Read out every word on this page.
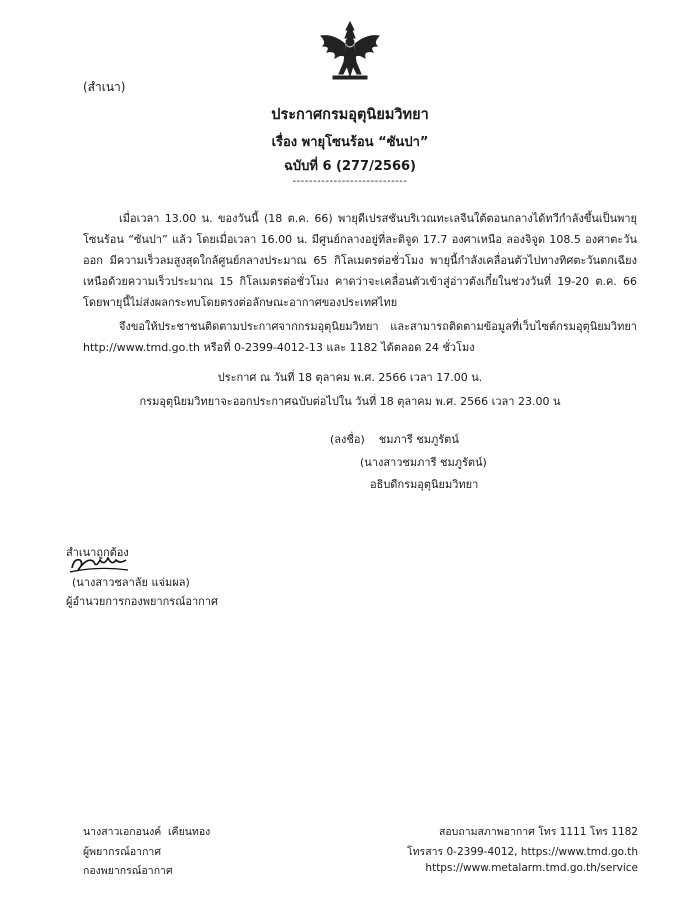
(สำเนา)
ประกาศกรมอุตุนิยมวิทยา
เรื่อง พายุโซนร้อน “ซันปา”
ฉบับที่ 6 (277/2566)
----------------------------
เมื่อเวลา 13.00 น. ของวันนี้ (18 ต.ค. 66) พายุดีเปรสชันบริเวณทะเลจีนใต้ตอนกลางได้ทวีกำลังขึ้นเป็นพายุโซนร้อน “ซันปา” แล้ว โดยเมื่อเวลา 16.00 น. มีศูนย์กลางอยู่ที่ละติจูด 17.7 องศาเหนือ ลองจิจูด 108.5 องศาตะวันออก มีความเร็วลมสูงสุดใกล้ศูนย์กลางประมาณ 65 กิโลเมตรต่อชั่วโมง พายุนี้กำลังเคลื่อนตัวไปทางทิศตะวันตกเฉียงเหนือด้วยความเร็วประมาณ 15 กิโลเมตรต่อชั่วโมง คาดว่าจะเคลื่อนตัวเข้าสู่อ่าวตังเกี๋ยในช่วงวันที่ 19-20 ต.ค. 66 โดยพายุนี้ไม่ส่งผลกระทบโดยตรงต่อลักษณะอากาศของประเทศไทย
จึงขอให้ประชาชนติดตามประกาศจากกรมอุตุนิยมวิทยา และสามารถติดตามข้อมูลที่เว็บไซต์กรมอุตุนิยมวิทยา http://www.tmd.go.th หรือที่ 0-2399-4012-13 และ 1182 ได้ตลอด 24 ชั่วโมง
ประกาศ ณ วันที่ 18 ตุลาคม พ.ศ. 2566 เวลา 17.00 น.
กรมอุตุนิยมวิทยาจะออกประกาศฉบับต่อไปใน วันที่ 18 ตุลาคม พ.ศ. 2566 เวลา 23.00 น
(ลงชื่อ)    ชมภารี ชมภูรัตน์
(นางสาวชมภารี ชมภูรัตน์)
อธิบดีกรมอุตุนิยมวิทยา
สำเนาถูกต้อง
(นางสาวชลาลัย แจ่มผล)
ผู้อำนวยการกองพยากรณ์อากาศ
นางสาวเอกอนงค์  เคียนทอง
ผู้พยากรณ์อากาศ
กองพยากรณ์อากาศ
สอบถามสภาพอากาศ โทร 1111 โทร 1182
โทรสาร 0-2399-4012, https://www.tmd.go.th
https://www.metalarm.tmd.go.th/service
